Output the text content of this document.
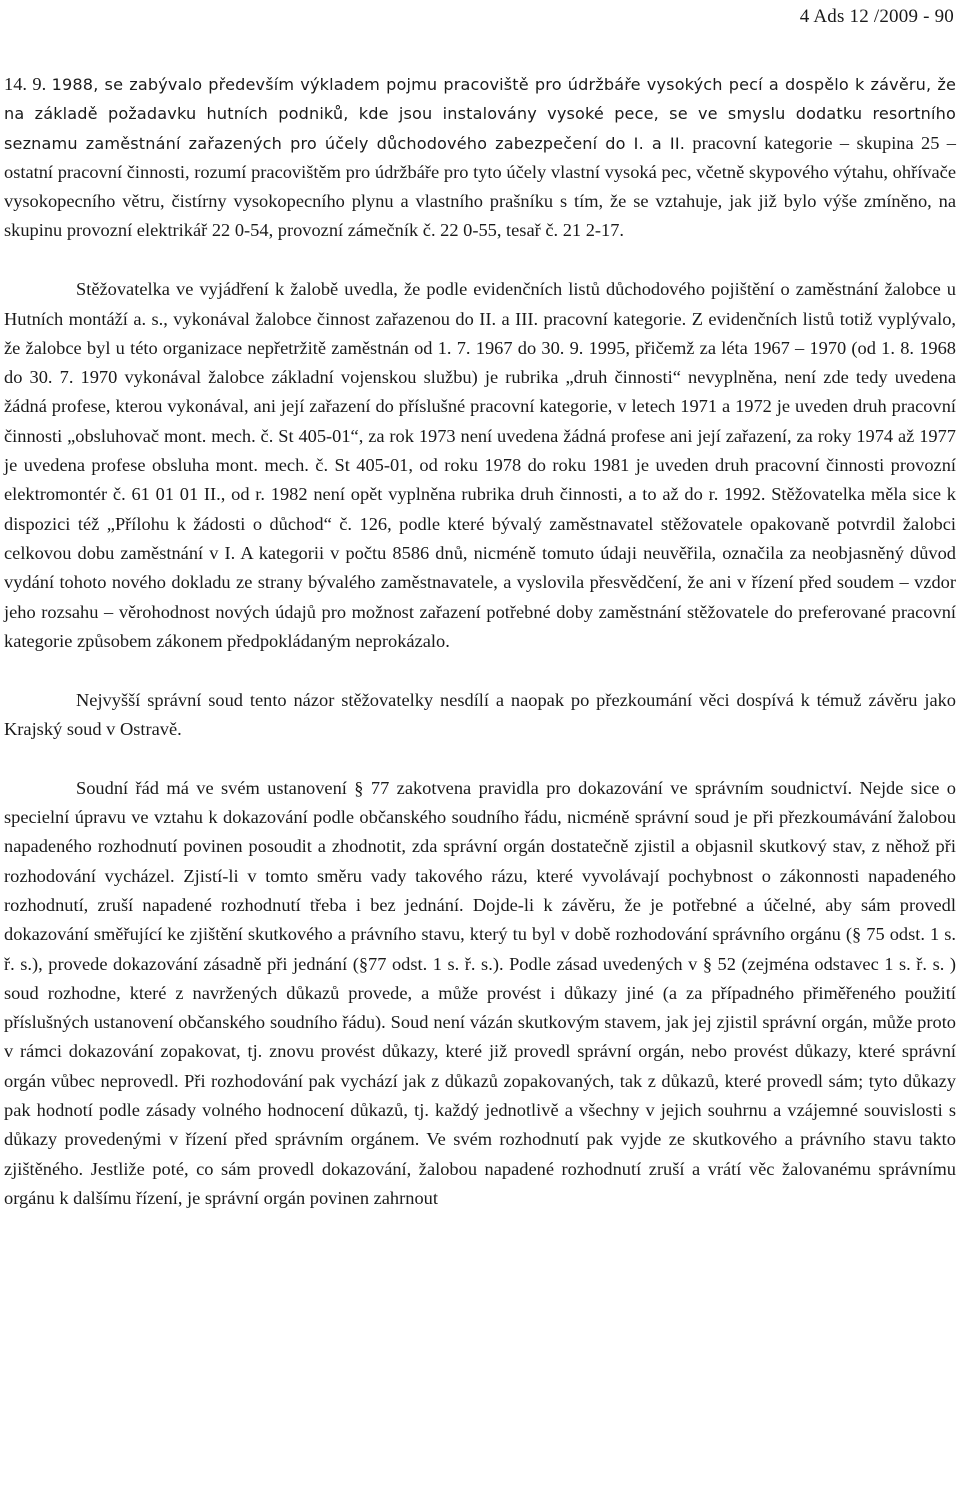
4 Ads 12 /2009 - 90

14. 9. 1988, se zabývalo především výkladem pojmu pracoviště pro údržbáře vysokých pecí a dospělo k závěru, že na základě požadavku hutních podniků, kde jsou instalovány vysoké pece, se ve smyslu dodatku resortního seznamu zaměstnání zařazených pro účely důchodového zabezpečení do I. a II. pracovní kategorie – skupina 25 – ostatní pracovní činnosti, rozumí pracovištěm pro údržbáře pro tyto účely vlastní vysoká pec, včetně skypového výtahu, ohřívače vysokopecního větru, čistírny vysokopecního plynu a vlastního prašníku s tím, že se vztahuje, jak již bylo výše zmíněno, na skupinu provozní elektrikář 22 0-54, provozní zámečník č. 22 0-55, tesař č. 21 2-17.

Stěžovatelka ve vyjádření k žalobě uvedla, že podle evidenčních listů důchodového pojištění o zaměstnání žalobce u Hutních montáží a. s., vykonával žalobce činnost zařazenou do II. a III. pracovní kategorie. Z evidenčních listů totiž vyplývalo, že žalobce byl u této organizace nepřetržitě zaměstnán od 1. 7. 1967 do 30. 9. 1995, přičemž za léta 1967 – 1970 (od 1. 8. 1968 do 30. 7. 1970 vykonával žalobce základní vojenskou službu) je rubrika „druh činnosti“ nevyplněna, není zde tedy uvedena žádná profese, kterou vykonával, ani její zařazení do příslušné pracovní kategorie, v letech 1971 a 1972 je uveden druh pracovní činnosti „obsluhovač mont. mech. č. St 405-01“, za rok 1973 není uvedena žádná profese ani její zařazení, za roky 1974 až 1977 je uvedena profese obsluha mont. mech. č. St 405-01, od roku 1978 do roku 1981 je uveden druh pracovní činnosti provozní elektromontér č. 61 01 01 II., od r. 1982 není opět vyplněna rubrika druh činnosti, a to až do r. 1992. Stěžovatelka měla sice k dispozici též „Přílohu k žádosti o důchod“ č. 126, podle které bývalý zaměstnavatel stěžovatele opakovaně potvrdil žalobci celkovou dobu zaměstnání v I. A kategorii v počtu 8586 dnů, nicméně tomuto údaji neuvěřila, označila za neobjasněný důvod vydání tohoto nového dokladu ze strany bývalého zaměstnavatele, a vyslovila přesvědčení, že ani v řízení před soudem – vzdor jeho rozsahu – věrohodnost nových údajů pro možnost zařazení potřebné doby zaměstnání stěžovatele do preferované pracovní kategorie způsobem zákonem předpokládaným neprokázalo.

Nejvyšší správní soud tento názor stěžovatelky nesdílí a naopak po přezkoumání věci dospívá k témuž závěru jako Krajský soud v Ostravě.

Soudní řád má ve svém ustanovení § 77 zakotvena pravidla pro dokazování ve správním soudnictví. Nejde sice o specielní úpravu ve vztahu k dokazování podle občanského soudního řádu, nicméně správní soud je při přezkoumávání žalobou napadeného rozhodnutí povinen posoudit a zhodnotit, zda správní orgán dostatečně zjistil a objasnil skutkový stav, z něhož při rozhodování vycházel. Zjistí-li v tomto směru vady takového rázu, které vyvolávají pochybnost o zákonnosti napadeného rozhodnutí, zruší napadené rozhodnutí třeba i bez jednání. Dojde-li k závěru, že je potřebné a účelné, aby sám provedl dokazování směřující ke zjištění skutkového a právního stavu, který tu byl v době rozhodování správního orgánu (§ 75 odst. 1 s. ř. s.), provede dokazování zásadně při jednání (§77 odst. 1 s. ř. s.). Podle zásad uvedených v § 52 (zejména odstavec 1 s. ř. s. ) soud rozhodne, které z navržených důkazů provede, a může provést i důkazy jiné (a za případného přiměřeného použití příslušných ustanovení občanského soudního řádu). Soud není vázán skutkovým stavem, jak jej zjistil správní orgán, může proto v rámci dokazování zopakovat, tj. znovu provést důkazy, které již provedl správní orgán, nebo provést důkazy, které správní orgán vůbec neprovedl. Při rozhodování pak vychází jak z důkazů zopakovaných, tak z důkazů, které provedl sám; tyto důkazy pak hodnotí podle zásady volného hodnocení důkazů, tj. každý jednotlivě a všechny v jejich souhrnu a vzájemné souvislosti s důkazy provedenými v řízení před správním orgánem. Ve svém rozhodnutí pak vyjde ze skutkového a právního stavu takto zjištěného. Jestliže poté, co sám provedl dokazování, žalobou napadené rozhodnutí zruší a vrátí věc žalovanému správnímu orgánu k dalšímu řízení, je správní orgán povinen zahrnout
